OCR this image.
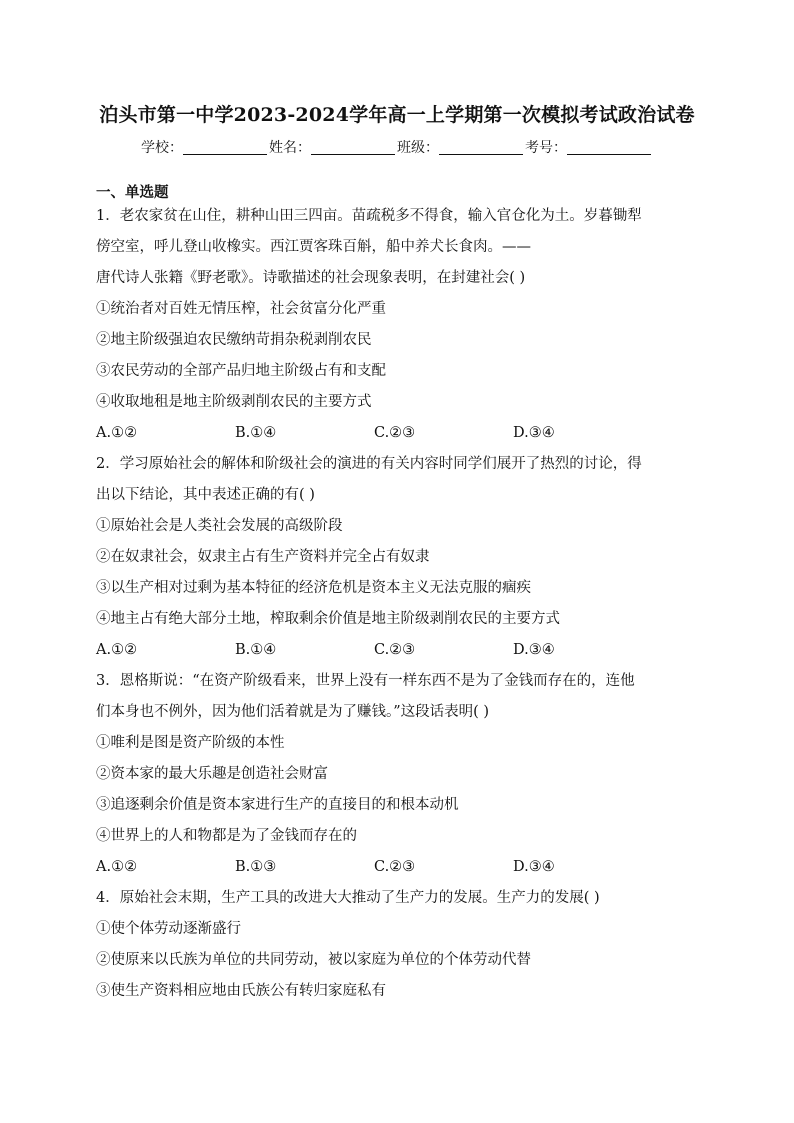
泊头市第一中学2023-2024学年高一上学期第一次模拟考试政治试卷
学校：	姓名：	班级：	考号：
一、单选题

1．老农家贫在山住，耕种山田三四亩。苗疏税多不得食，输入官仓化为土。岁暮锄犁

傍空室，呼儿登山收橡实。西江贾客珠百斛，船中养犬长食肉。——

唐代诗人张籍《野老歌》。诗歌描述的社会现象表明，在封建社会( )

①统治者对百姓无情压榨，社会贫富分化严重

②地主阶级强迫农民缴纳苛捐杂税剥削农民

③农民劳动的全部产品归地主阶级占有和支配

④收取地租是地主阶级剥削农民的主要方式

A.①②	B.①④	C.②③	D.③④

2．学习原始社会的解体和阶级社会的演进的有关内容时同学们展开了热烈的讨论，得

出以下结论，其中表述正确的有( )

①原始社会是人类社会发展的高级阶段

②在奴隶社会，奴隶主占有生产资料并完全占有奴隶

③以生产相对过剩为基本特征的经济危机是资本主义无法克服的痼疾

④地主占有绝大部分土地，榨取剩余价值是地主阶级剥削农民的主要方式

A.①②	B.①④	C.②③	D.③④

3．恩格斯说：“在资产阶级看来，世界上没有一样东西不是为了金钱而存在的，连他

们本身也不例外，因为他们活着就是为了赚钱。”这段话表明( )

①唯利是图是资产阶级的本性

②资本家的最大乐趣是创造社会财富

③追逐剩余价值是资本家进行生产的直接目的和根本动机

④世界上的人和物都是为了金钱而存在的

A.①②	B.①③	C.②③	D.③④

4．原始社会末期，生产工具的改进大大推动了生产力的发展。生产力的发展( )

①使个体劳动逐渐盛行

②使原来以氏族为单位的共同劳动，被以家庭为单位的个体劳动代替

③使生产资料相应地由氏族公有转归家庭私有
